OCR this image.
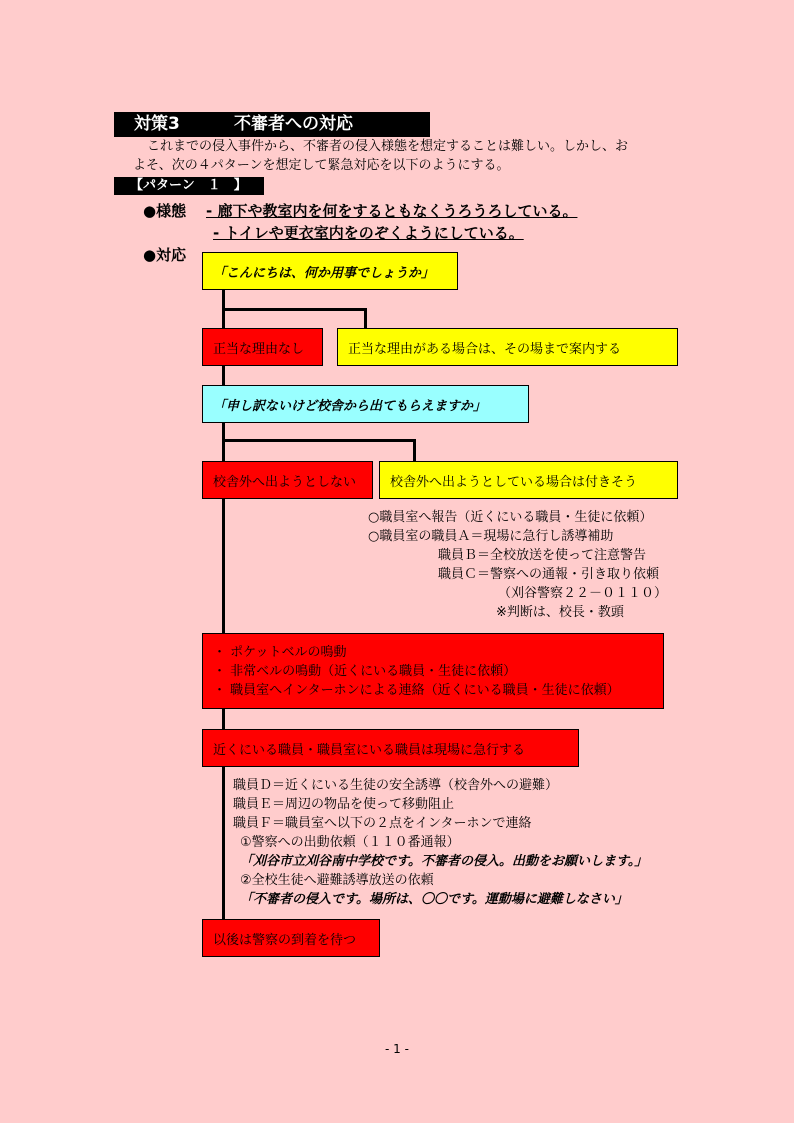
対策3	不審者への対応

これまでの侵入事件から、不審者の侵入様態を想定することは難しい。しかし、お

よそ、次の４パターンを想定して緊急対応を以下のようにする。

【パターン　１　】
●様態 - 廊下や教室内を何をするともなくうろうろしている。
- トイレや更衣室内をのぞくようにしている。
●対応
「こんにちは、何か用事でしょうか」
正当な理由なし	正当な理由がある場合は、その場まで案内する
「申し訳ないけど校舎から出てもらえますか」
校舎外へ出ようとしない	校舎外へ出ようとしている場合は付きそう
○職員室へ報告（近くにいる職員・生徒に依頼）
○職員室の職員Ａ＝現場に急行し誘導補助
職員Ｂ＝全校放送を使って注意警告
職員Ｃ＝警察への通報・引き取り依頼
（刈谷警察２２－０１１０）
※判断は、校長・教頭
・ ポケットベルの鳴動
・ 非常ベルの鳴動（近くにいる職員・生徒に依頼）
・ 職員室へインターホンによる連絡（近くにいる職員・生徒に依頼）
近くにいる職員・職員室にいる職員は現場に急行する
職員Ｄ＝近くにいる生徒の安全誘導（校舎外への避難）
職員Ｅ＝周辺の物品を使って移動阻止
職員Ｆ＝職員室へ以下の２点をインターホンで連絡
①警察への出動依頼（１１０番通報）
「刈谷市立刈谷南中学校です。不審者の侵入。出動をお願いします。」
②全校生徒へ避難誘導放送の依頼
「不審者の侵入です。場所は、〇〇です。運動場に避難しなさい」
以後は警察の到着を待つ
- 1 -
